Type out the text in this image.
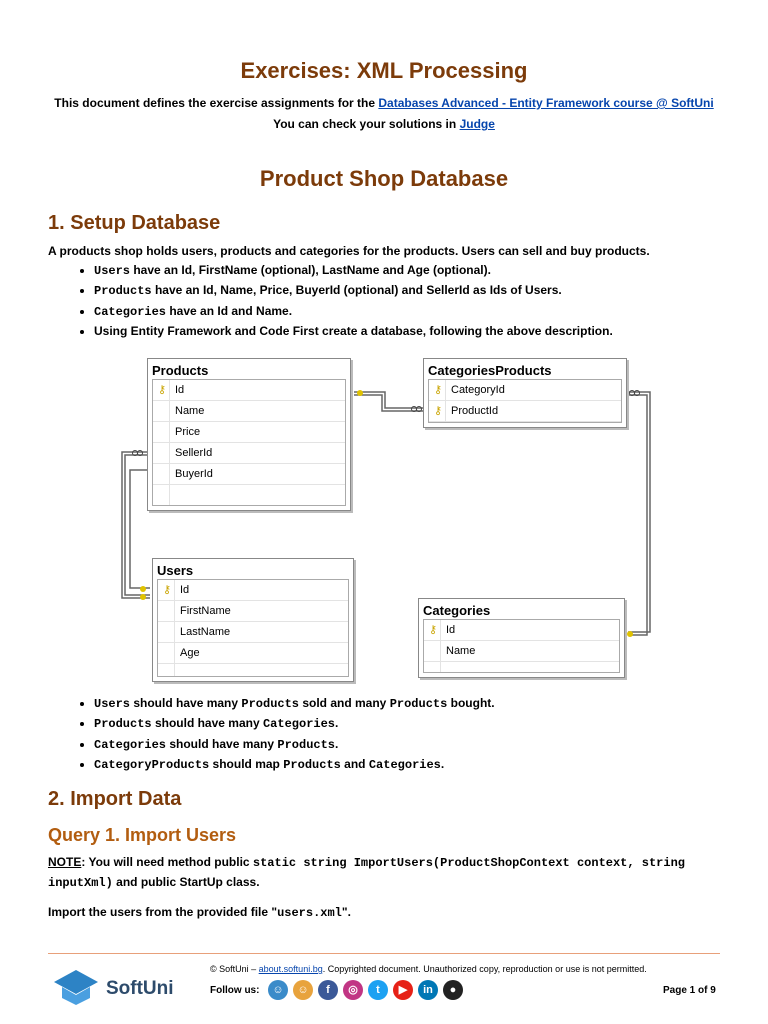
Exercises: XML Processing
This document defines the exercise assignments for the Databases Advanced - Entity Framework course @ SoftUni
You can check your solutions in Judge
Product Shop Database
1. Setup Database
A products shop holds users, products and categories for the products. Users can sell and buy products.
• Users have an Id, FirstName (optional), LastName and Age (optional).
• Products have an Id, Name, Price, BuyerId (optional) and SellerId as Ids of Users.
• Categories have an Id and Name.
• Using Entity Framework and Code First create a database, following the above description.
Products
⚷ Id
Name
Price
SellerId
BuyerId
CategoriesProducts
⚷ CategoryId
⚷ ProductId
Users
⚷ Id
FirstName
LastName
Age
Categories
⚷ Id
Name
• Users should have many Products sold and many Products bought.
• Products should have many Categories.
• Categories should have many Products.
• CategoryProducts should map Products and Categories.
2. Import Data
Query 1. Import Users
NOTE: You will need method public static string ImportUsers(ProductShopContext context, string
inputXml) and public StartUp class.
Import the users from the provided file "users.xml".
SoftUni
© SoftUni – about.softuni.bg. Copyrighted document. Unauthorized copy, reproduction or use is not permitted.
Follow us:	☺	☺	f	◎	t	▶	in	●	Page 1 of 9
